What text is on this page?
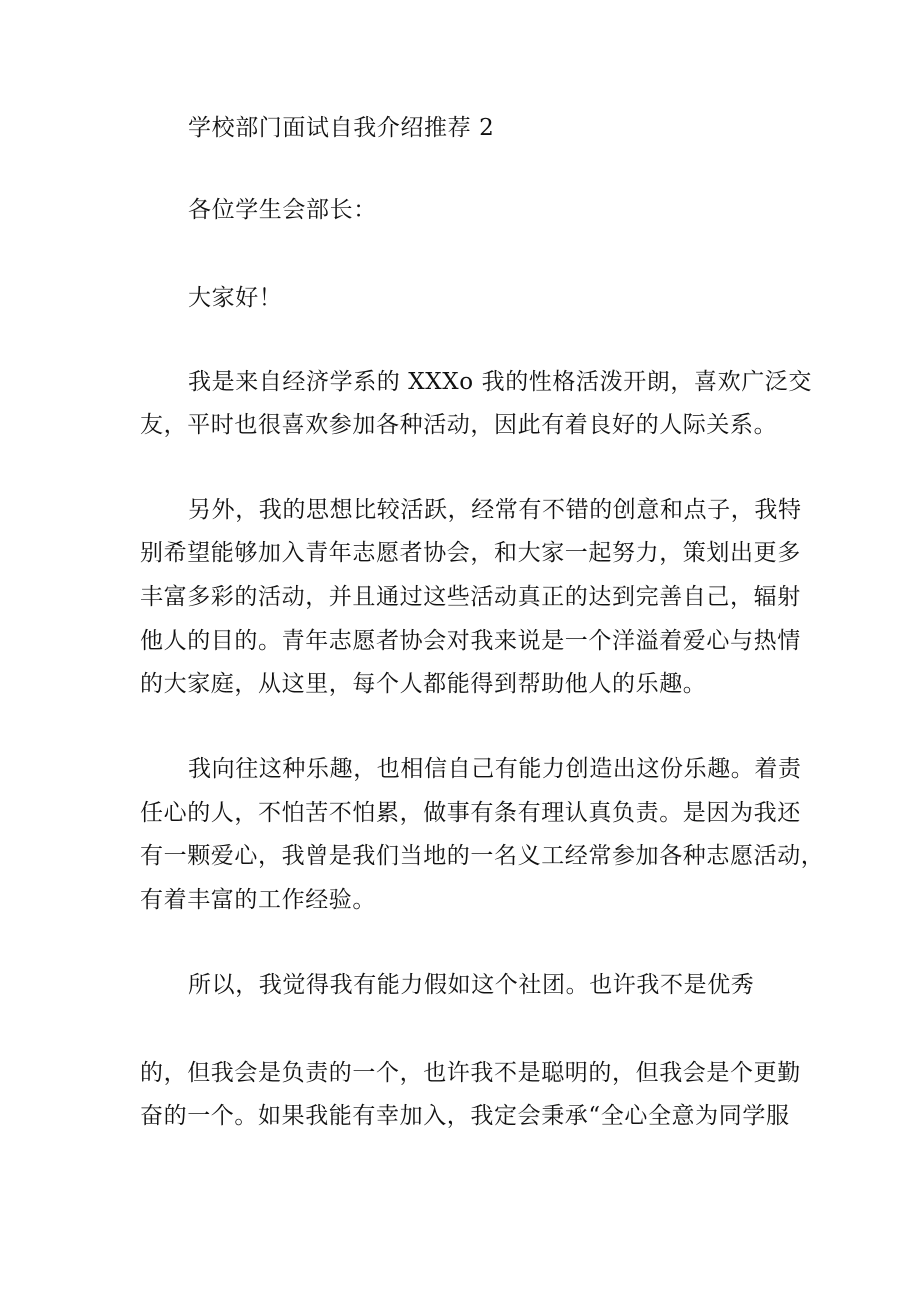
学校部门面试自我介绍推荐 2
各位学生会部长：
大家好！
我是来自经济学系的 XXXo 我的性格活泼开朗，喜欢广泛交
友，平时也很喜欢参加各种活动，因此有着良好的人际关系。
另外，我的思想比较活跃，经常有不错的创意和点子，我特
别希望能够加入青年志愿者协会，和大家一起努力，策划出更多
丰富多彩的活动，并且通过这些活动真正的达到完善自己，辐射
他人的目的。青年志愿者协会对我来说是一个洋溢着爱心与热情
的大家庭，从这里，每个人都能得到帮助他人的乐趣。
我向往这种乐趣，也相信自己有能力创造出这份乐趣。着责
任心的人，不怕苦不怕累，做事有条有理认真负责。是因为我还
有一颗爱心，我曾是我们当地的一名义工经常参加各种志愿活动，
有着丰富的工作经验。
所以，我觉得我有能力假如这个社团。也许我不是优秀
的，但我会是负责的一个，也许我不是聪明的，但我会是个更勤
奋的一个。如果我能有幸加入，我定会秉承“全心全意为同学服
